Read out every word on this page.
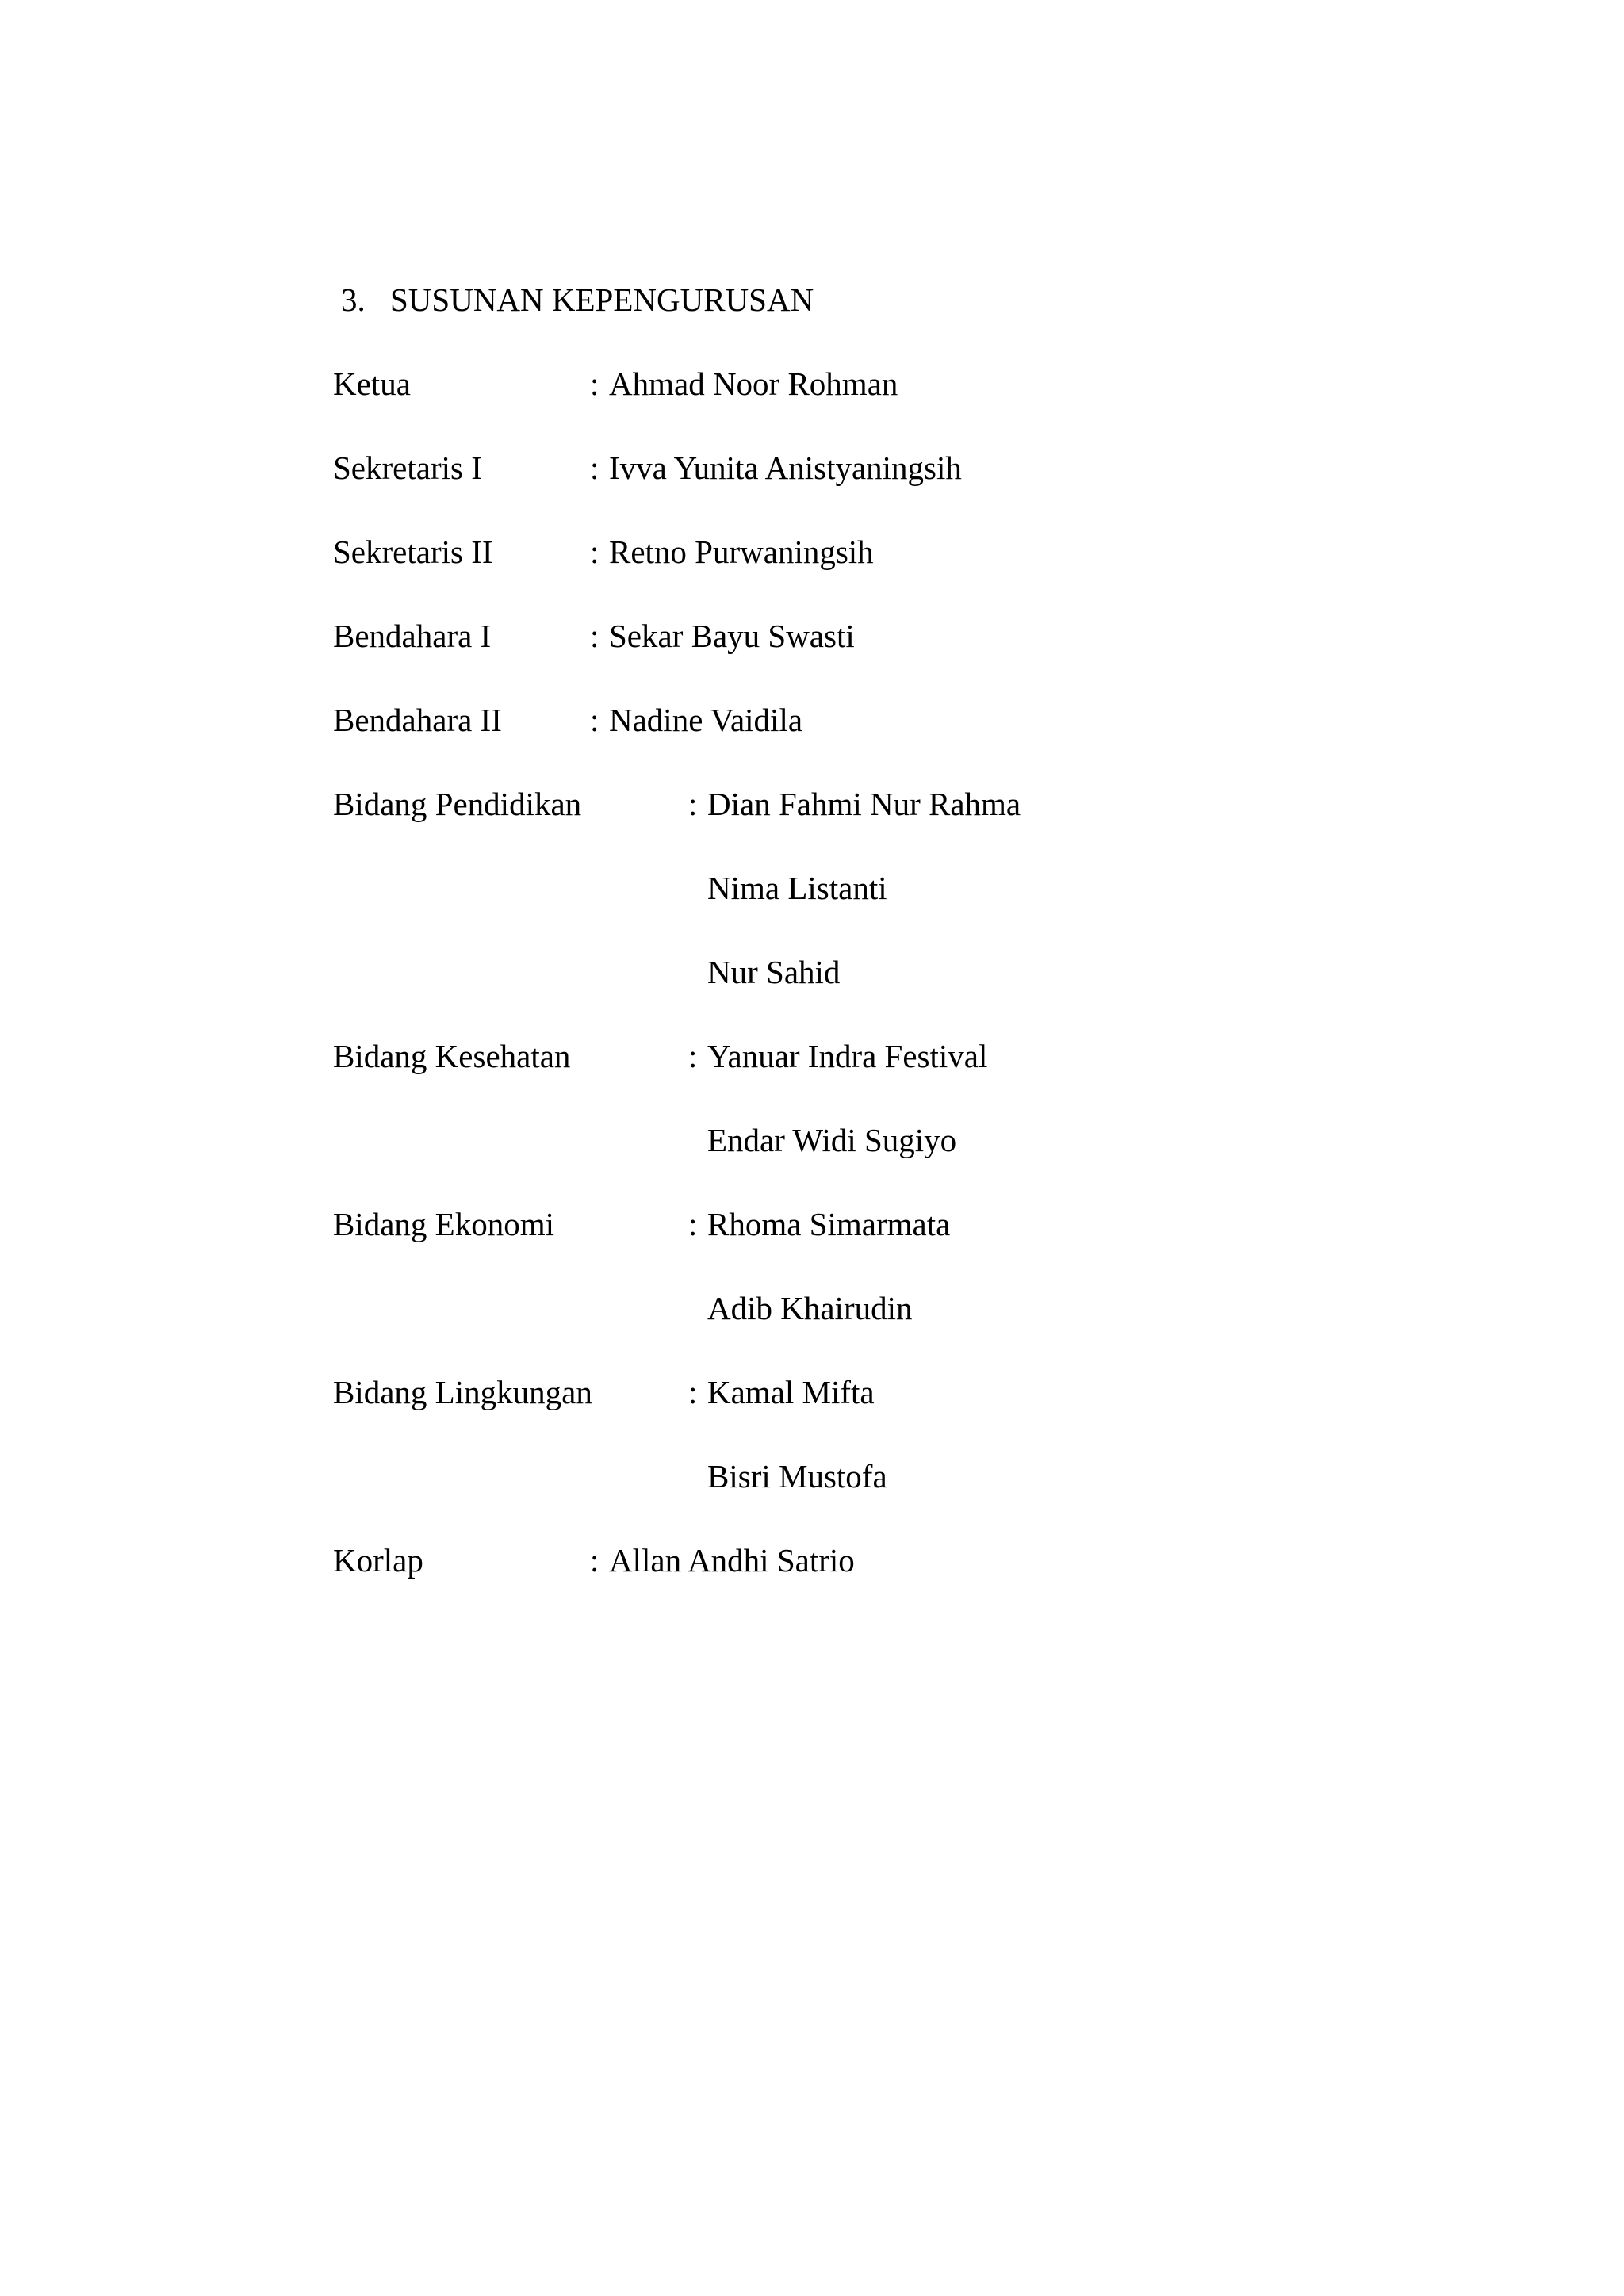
3. SUSUNAN KEPENGURUSAN
Ketua	: Ahmad Noor Rohman
Sekretaris I	: Ivva Yunita Anistyaningsih
Sekretaris II	: Retno Purwaningsih
Bendahara I	: Sekar Bayu Swasti
Bendahara II	: Nadine Vaidila
Bidang Pendidikan	: Dian Fahmi Nur Rahma
Nima Listanti
Nur Sahid
Bidang Kesehatan	: Yanuar Indra Festival
Endar Widi Sugiyo
Bidang Ekonomi	: Rhoma Simarmata
Adib Khairudin
Bidang Lingkungan	: Kamal Mifta
Bisri Mustofa
Korlap	: Allan Andhi Satrio
